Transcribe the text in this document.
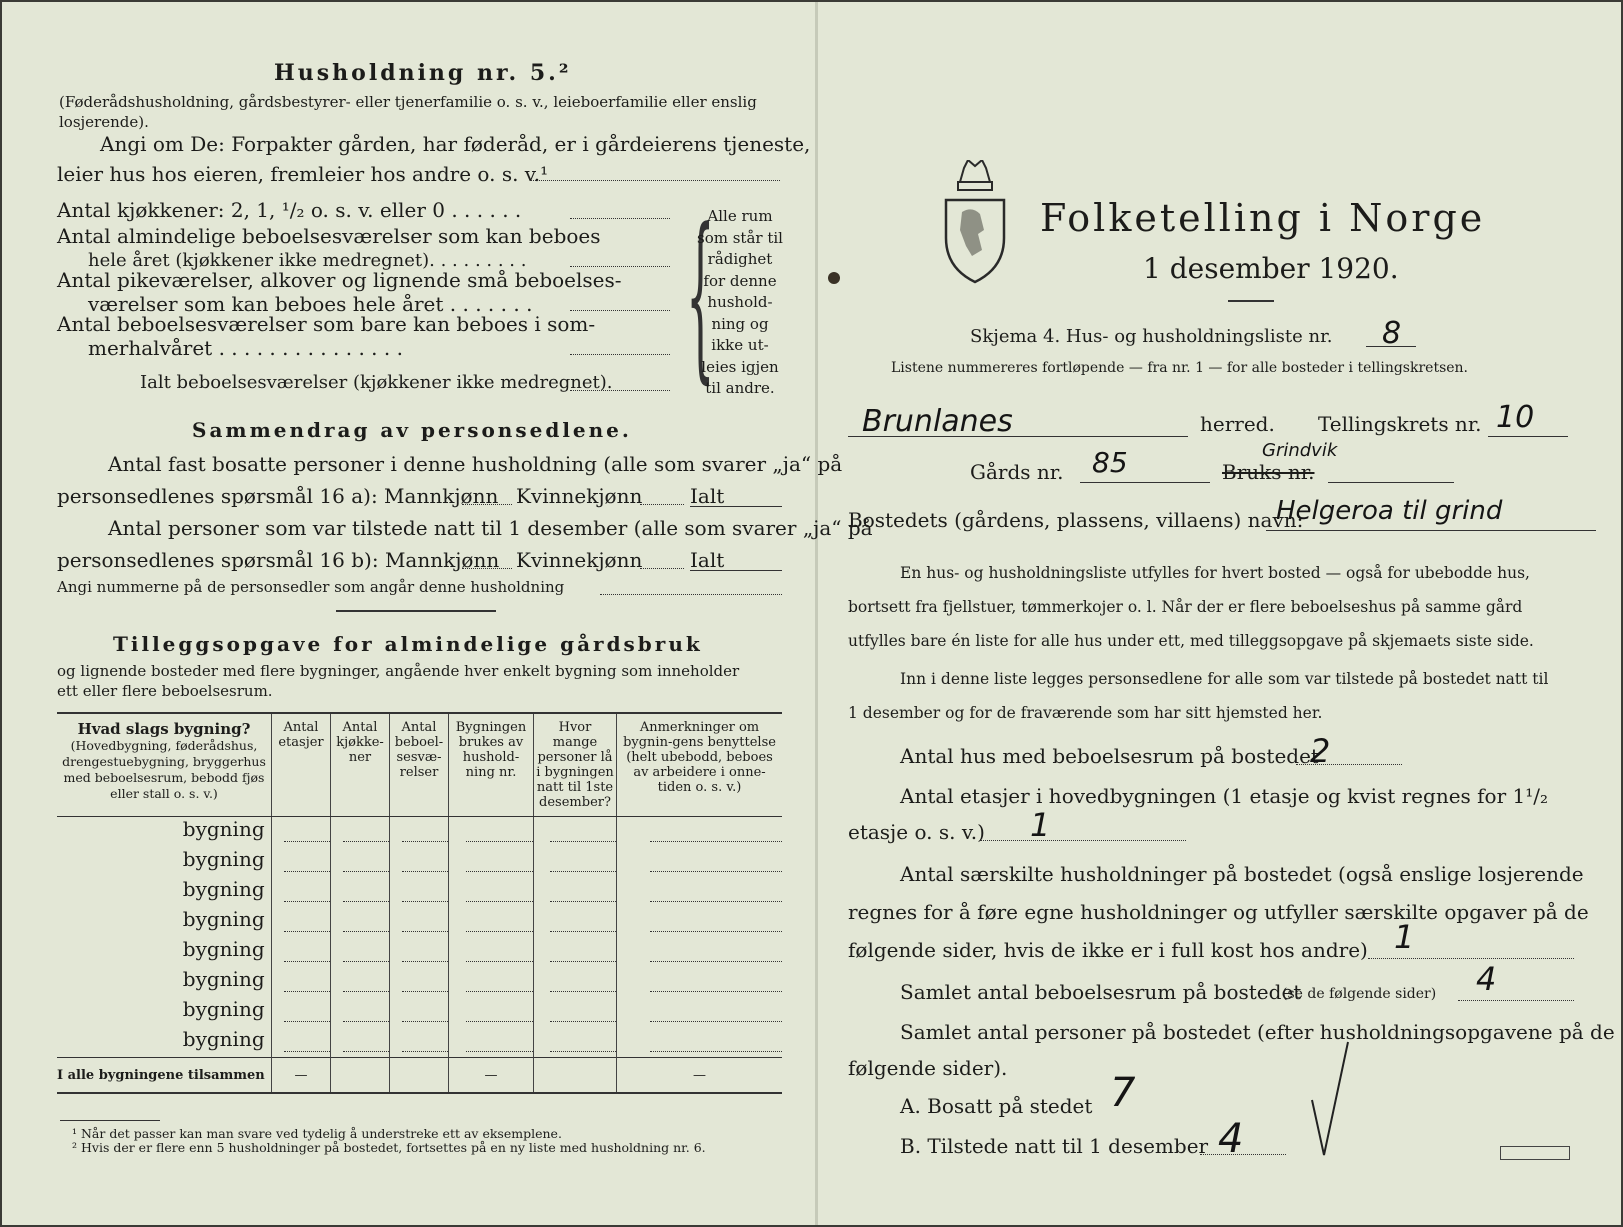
Husholdning nr. 5.²
(Føderådshusholdning, gårdsbestyrer- eller tjenerfamilie o. s. v., leieboerfamilie eller enslig losjerende).
Angi om De: Forpakter gården, har føderåd, er i gårdeierens tjeneste,
leier hus hos eieren, fremleier hos andre o. s. v.¹
Antal kjøkkener: 2, 1, ¹/₂ o. s. v. eller 0 . . . . . .
Antal almindelige beboelsesværelser som kan beboes
hele året (kjøkkener ikke medregnet). . . . . . . . .
Antal pikeværelser, alkover og lignende små beboelses-
værelser som kan beboes hele året . . . . . . .
Antal beboelsesværelser som bare kan beboes i som-
merhalvåret . . . . . . . . . . . . . . .
Ialt beboelsesværelser (kjøkkener ikke medregnet). {
Alle rum
som står til
rådighet
for denne
hushold-
ning og
ikke ut-
leies igjen
til andre.
Sammendrag av personsedlene.
Antal fast bosatte personer i denne husholdning (alle som svarer „ja“ på
personsedlenes spørsmål 16 a): Mannkjønn Kvinnekjønn Ialt
Antal personer som var tilstede natt til 1 desember (alle som svarer „ja“ på
personsedlenes spørsmål 16 b): Mannkjønn Kvinnekjønn Ialt
Angi nummerne på de personsedler som angår denne husholdning
Tilleggsopgave for almindelige gårdsbruk
og lignende bosteder med flere bygninger, angående hver enkelt bygning som inneholder
ett eller flere beboelsesrum.
Hvad slags bygning?
(Hovedbygning, føderådshus, drengestuebygning, bryggerhus med beboelsesrum, bebodd fjøs eller stall o. s. v.)	Antal etasjer	Antal kjøkke-ner	Antal beboel-sesvæ-relser	Bygningen brukes av hushold-ning nr.	Hvor mange personer lå i bygningen natt til 1ste desember?	Anmerkninger om bygnin-gens benyttelse (helt ubebodd, beboes av arbeidere i onne-tiden o. s. v.)
bygning						
bygning						
bygning						
bygning						
bygning						
bygning						
bygning						
bygning						
I alle bygningene tilsammen	—			—		—
¹ Når det passer kan man svare ved tydelig å understreke ett av eksemplene.
² Hvis der er flere enn 5 husholdninger på bostedet, fortsettes på en ny liste med husholdning nr. 6.
Folketelling i Norge
1 desember 1920.
Skjema 4. Hus- og husholdningsliste nr. 8
Listene nummereres fortløpende — fra nr. 1 — for alle bosteder i tellingskretsen.
Brunlanes	herred. Tellingskrets nr. 10
Gårds nr. 85	Bruks nr.
Grindvik
Bostedets (gårdens, plassens, villaens) navn:
Helgeroa til grind
En hus- og husholdningsliste utfylles for hvert bosted — også for ubebodde hus,
bortsett fra fjellstuer, tømmerkojer o. l. Når der er flere beboelseshus på samme gård
utfylles bare én liste for alle hus under ett, med tilleggsopgave på skjemaets siste side.
Inn i denne liste legges personsedlene for alle som var tilstede på bostedet natt til
1 desember og for de fraværende som har sitt hjemsted her.
Antal hus med beboelsesrum på bostedet
2
Antal etasjer i hovedbygningen (1 etasje og kvist regnes for 1¹/₂
etasje o. s. v.) 1
Antal særskilte husholdninger på bostedet (også enslige losjerende
regnes for å føre egne husholdninger og utfyller særskilte opgaver på de
følgende sider, hvis de ikke er i full kost hos andre) 1
Samlet antal beboelsesrum på bostedet
(se de følgende sider) 4
Samlet antal personer på bostedet (efter husholdningsopgavene på de
følgende sider).
A. Bosatt på stedet 7
B. Tilstede natt til 1 desember 4
